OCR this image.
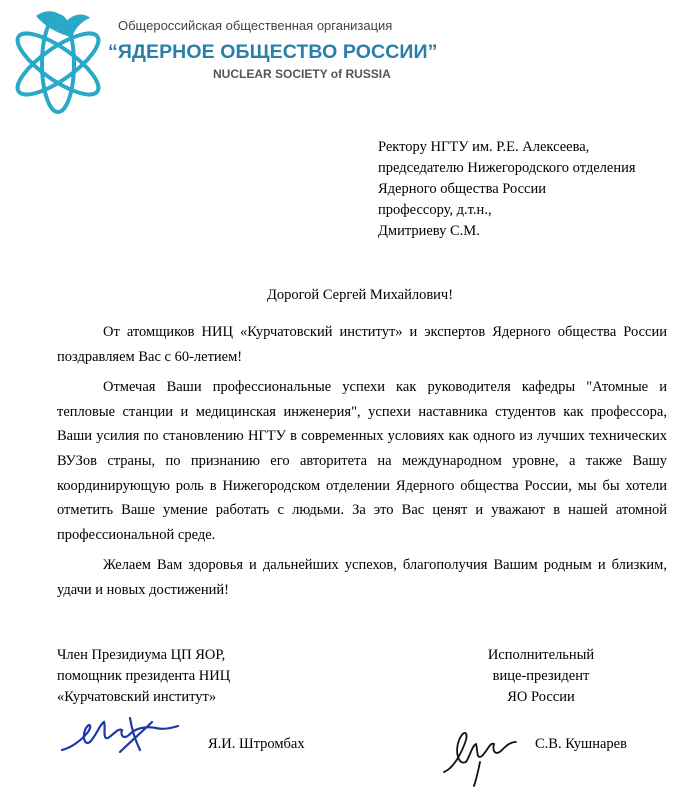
Общероссийская общественная организация
“ЯДЕРНОЕ ОБЩЕСТВО РОССИИ”
NUCLEAR SOCIETY of RUSSIA
Ректору НГТУ им. Р.Е. Алексеева,
председателю Нижегородского отделения
Ядерного общества России
профессору, д.т.н.,
Дмитриеву С.М.
Дорогой Сергей Михайлович!

От атомщиков НИЦ «Курчатовский институт» и экспертов Ядерного общества России поздравляем Вас с 60-летием!

Отмечая Ваши профессиональные успехи как руководителя кафедры "Атомные и тепловые станции и медицинская инженерия", успехи наставника студентов как профессора, Ваши усилия по становлению НГТУ в современных условиях как одного из лучших технических ВУЗов страны, по признанию его авторитета на международном уровне, а также Вашу координирующую роль в Нижегородском отделении Ядерного общества России, мы бы хотели отметить Ваше умение работать с людьми. За это Вас ценят и уважают в нашей атомной профессиональной среде.

Желаем Вам здоровья и дальнейших успехов, благополучия Вашим родным и близким, удачи и новых достижений!

Член Президиума ЦП ЯОР,
помощник президента НИЦ
«Курчатовский институт»
Исполнительный
вице-президент
ЯО России
Я.И. Штромбах	С.В. Кушнарев
